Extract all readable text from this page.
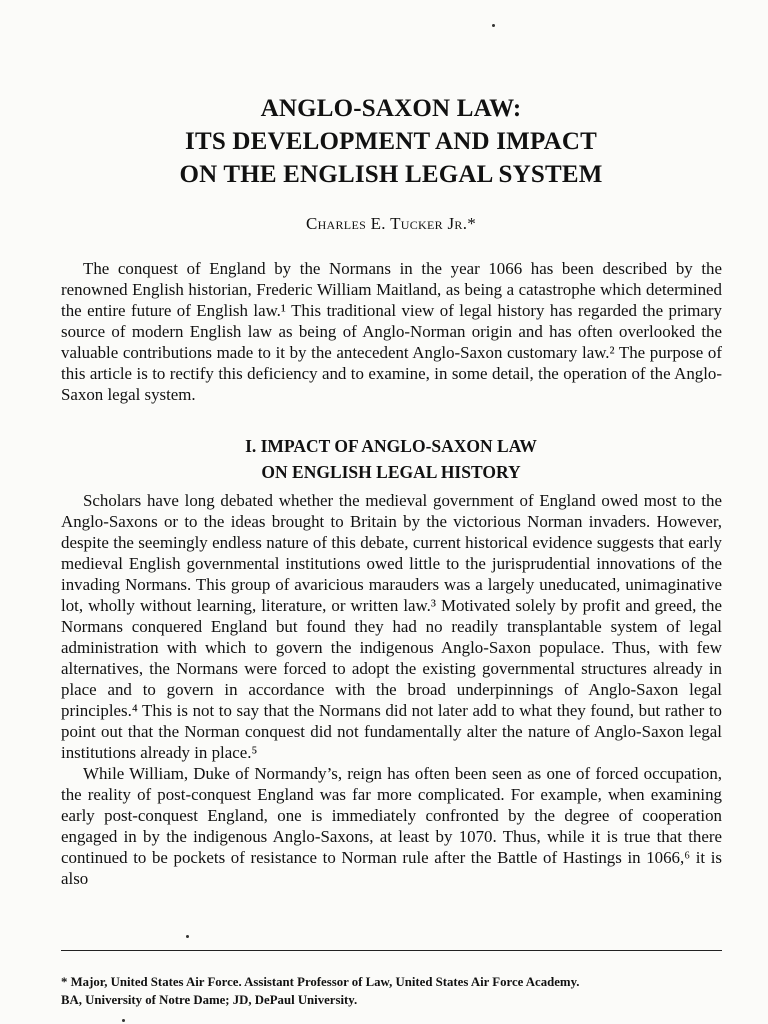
ANGLO-SAXON LAW:
ITS DEVELOPMENT AND IMPACT
ON THE ENGLISH LEGAL SYSTEM
Charles E. Tucker Jr.*

The conquest of England by the Normans in the year 1066 has been described by the renowned English historian, Frederic William Maitland, as being a catastrophe which determined the entire future of English law.¹ This traditional view of legal history has regarded the primary source of modern English law as being of Anglo-Norman origin and has often overlooked the valuable contributions made to it by the antecedent Anglo-Saxon customary law.² The purpose of this article is to rectify this deficiency and to examine, in some detail, the operation of the Anglo-Saxon legal system.

I. IMPACT OF ANGLO-SAXON LAW
ON ENGLISH LEGAL HISTORY

Scholars have long debated whether the medieval government of England owed most to the Anglo-Saxons or to the ideas brought to Britain by the victorious Norman invaders. However, despite the seemingly endless nature of this debate, current historical evidence suggests that early medieval English governmental institutions owed little to the jurisprudential innovations of the invading Normans. This group of avaricious marauders was a largely uneducated, unimaginative lot, wholly without learning, literature, or written law.³ Motivated solely by profit and greed, the Normans conquered England but found they had no readily transplantable system of legal administration with which to govern the indigenous Anglo-Saxon populace. Thus, with few alternatives, the Normans were forced to adopt the existing governmental structures already in place and to govern in accordance with the broad underpinnings of Anglo-Saxon legal principles.⁴ This is not to say that the Normans did not later add to what they found, but rather to point out that the Norman conquest did not fundamentally alter the nature of Anglo-Saxon legal institutions already in place.⁵

While William, Duke of Normandy’s, reign has often been seen as one of forced occupation, the reality of post-conquest England was far more complicated. For example, when examining early post-conquest England, one is immediately confronted by the degree of cooperation engaged in by the indigenous Anglo-Saxons, at least by 1070. Thus, while it is true that there continued to be pockets of resistance to Norman rule after the Battle of Hastings in 1066,⁶ it is also

* Major, United States Air Force. Assistant Professor of Law, United States Air Force Academy.
BA, University of Notre Dame; JD, DePaul University.
